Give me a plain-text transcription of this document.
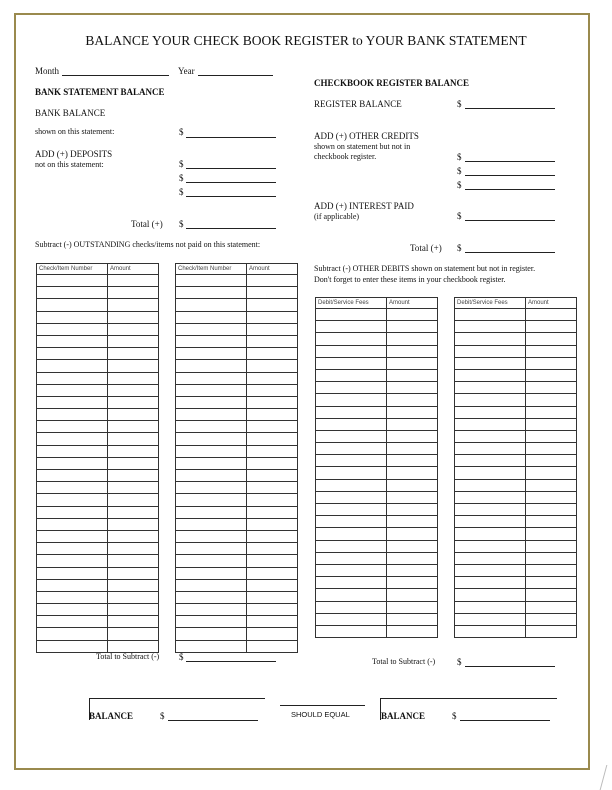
BALANCE YOUR CHECK BOOK REGISTER to YOUR BANK STATEMENT
Month	Year
BANK STATEMENT BALANCE
BANK BALANCE
shown on this statement:	$
ADD (+) DEPOSITS
not on this statement:	$
$
$
Total (+) $
Subtract (-) OUTSTANDING checks/items not paid on this statement:
Check/Item Number	Amount

		Check/Item Number	Amount

Total to Subtract (-) $
CHECKBOOK REGISTER BALANCE
REGISTER BALANCE	$
ADD (+) OTHER CREDITS
shown on statement but not in
checkbook register.	$
$
$
ADD (+) INTEREST PAID
(if applicable)	$
Total (+) $
Subtract (-) OTHER DEBITS shown on statement but not in register.
Don't forget to enter these items in your checkbook register.
Debit/Service Fees	Amount

		Debit/Service Fees	Amount

Total to Subtract (-) $
BALANCE	$	SHOULD EQUAL	BALANCE	$
